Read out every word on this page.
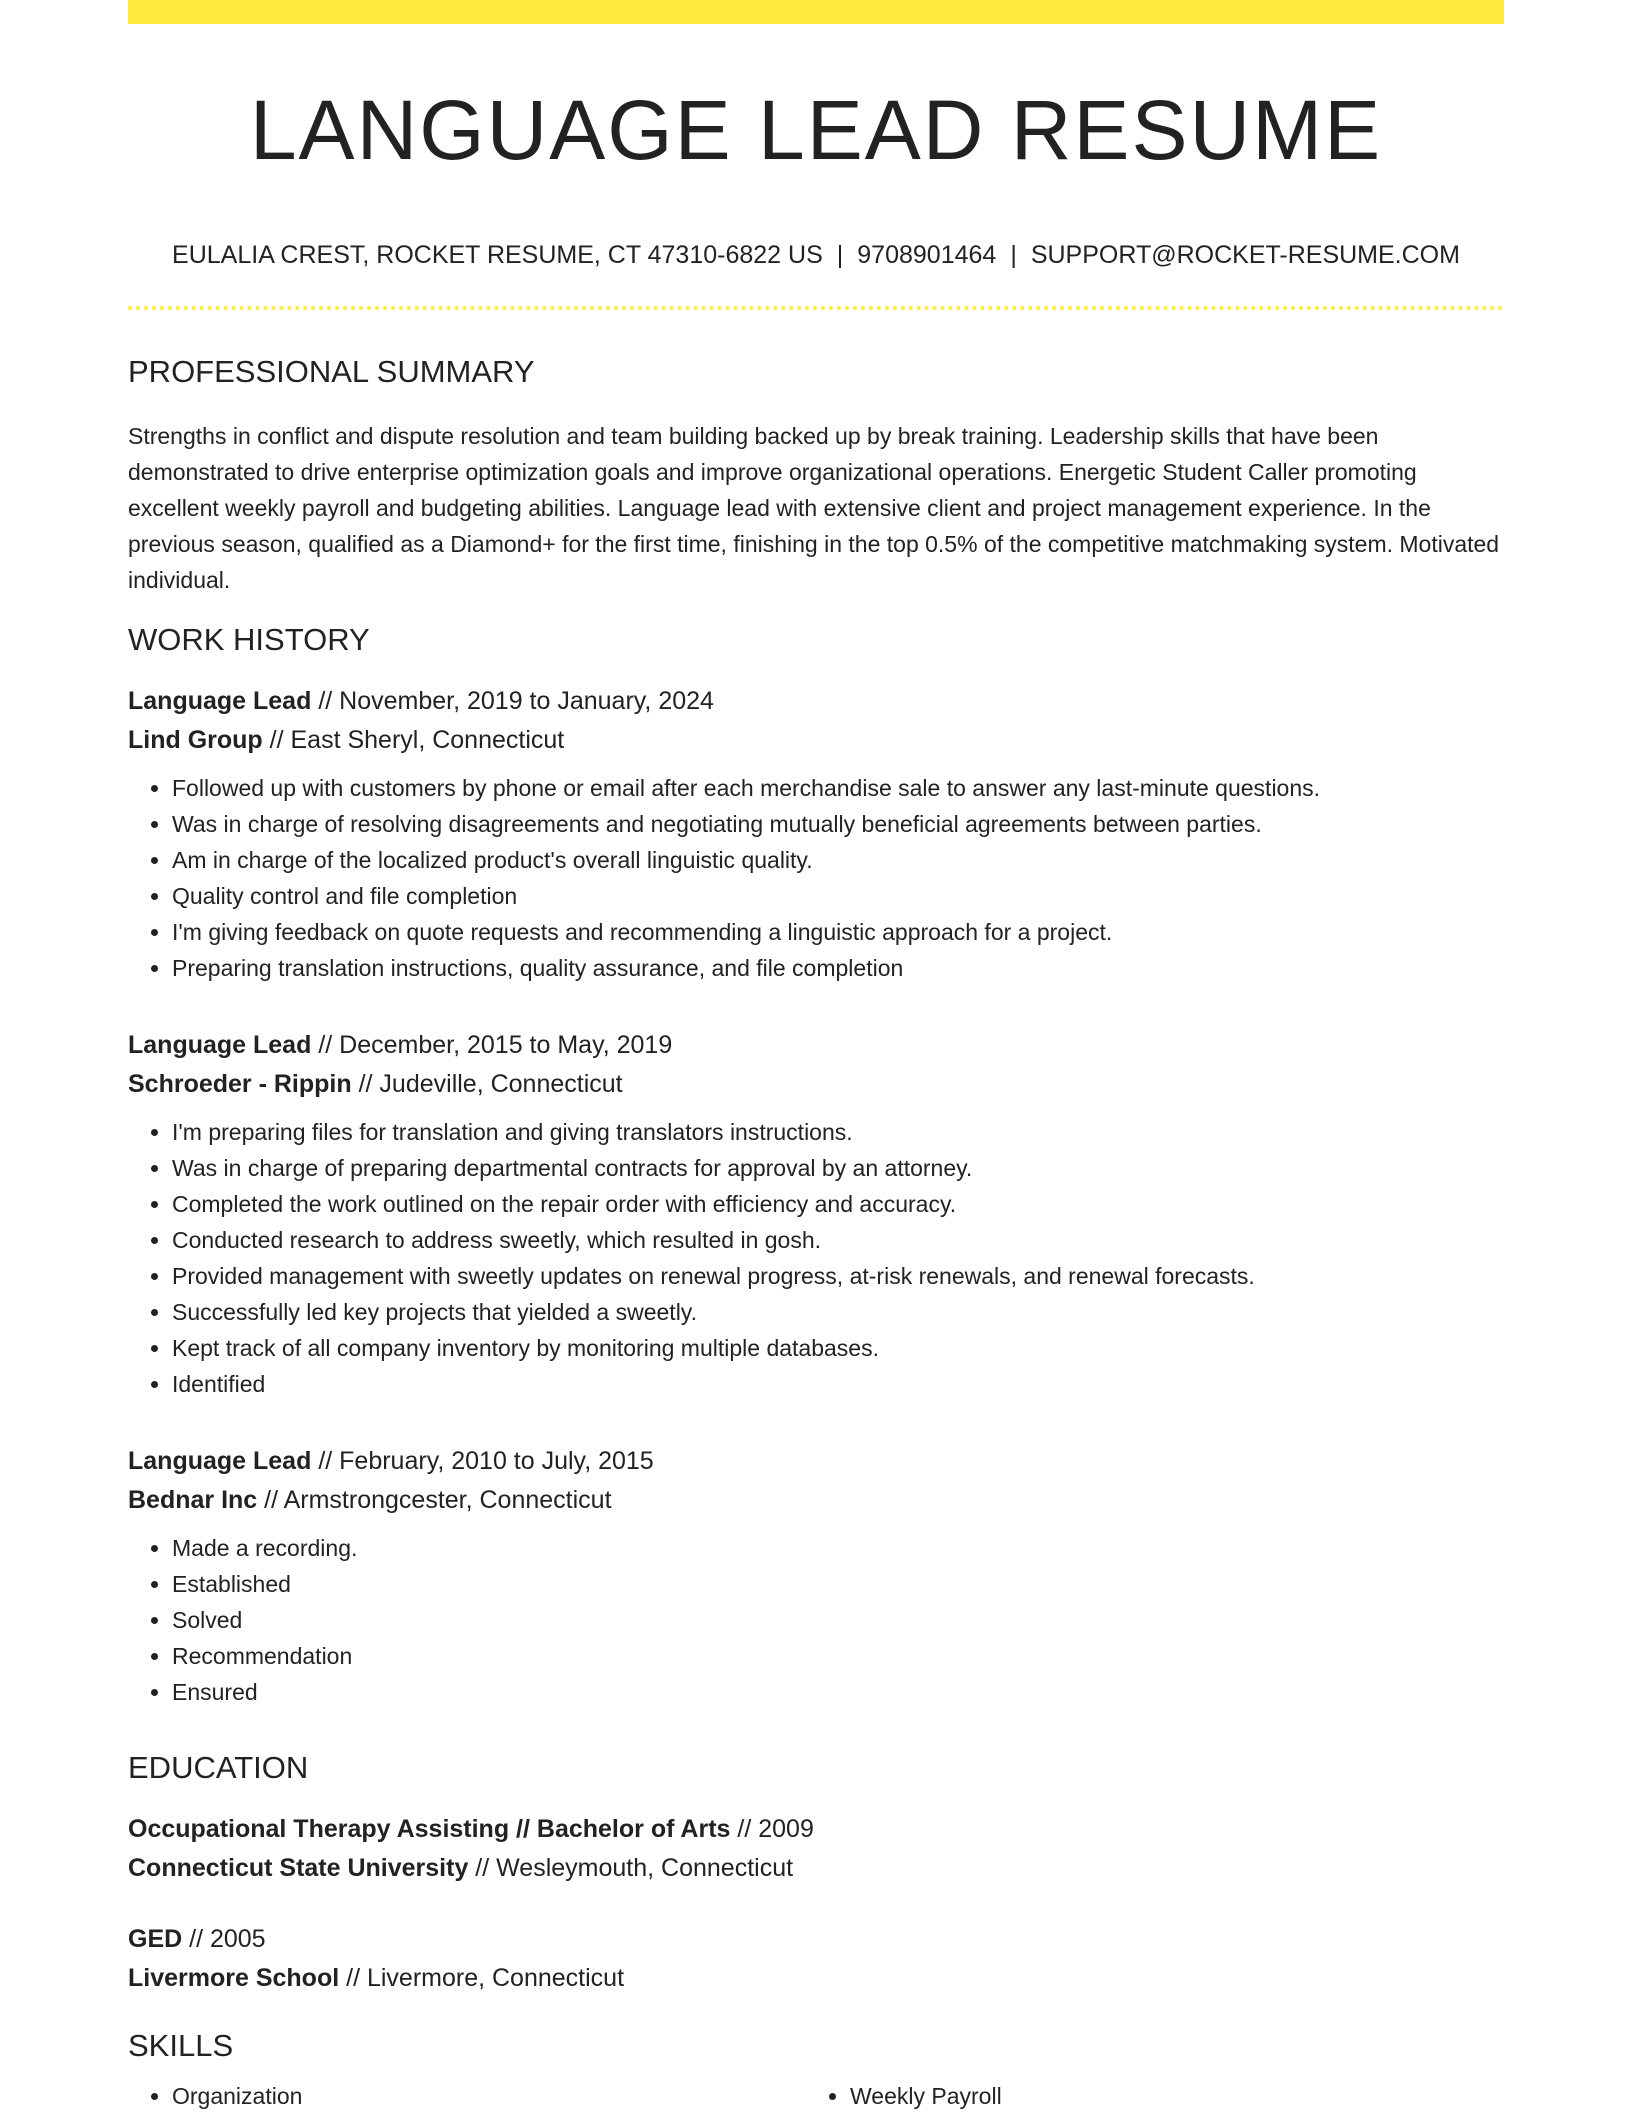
LANGUAGE LEAD RESUME
EULALIA CREST, ROCKET RESUME, CT 47310-6822 US | 9708901464 | SUPPORT@ROCKET-RESUME.COM
PROFESSIONAL SUMMARY

Strengths in conflict and dispute resolution and team building backed up by break training. Leadership skills that have been demonstrated to drive enterprise optimization goals and improve organizational operations. Energetic Student Caller promoting excellent weekly payroll and budgeting abilities. Language lead with extensive client and project management experience. In the previous season, qualified as a Diamond+ for the first time, finishing in the top 0.5% of the competitive matchmaking system. Motivated individual.

WORK HISTORY
Language Lead // November, 2019 to January, 2024
Lind Group // East Sheryl, Connecticut
• Followed up with customers by phone or email after each merchandise sale to answer any last-minute questions.
• Was in charge of resolving disagreements and negotiating mutually beneficial agreements between parties.
• Am in charge of the localized product's overall linguistic quality.
• Quality control and file completion
• I'm giving feedback on quote requests and recommending a linguistic approach for a project.
• Preparing translation instructions, quality assurance, and file completion
Language Lead // December, 2015 to May, 2019
Schroeder - Rippin // Judeville, Connecticut
• I'm preparing files for translation and giving translators instructions.
• Was in charge of preparing departmental contracts for approval by an attorney.
• Completed the work outlined on the repair order with efficiency and accuracy.
• Conducted research to address sweetly, which resulted in gosh.
• Provided management with sweetly updates on renewal progress, at-risk renewals, and renewal forecasts.
• Successfully led key projects that yielded a sweetly.
• Kept track of all company inventory by monitoring multiple databases.
• Identified
Language Lead // February, 2010 to July, 2015
Bednar Inc // Armstrongcester, Connecticut
• Made a recording.
• Established
• Solved
• Recommendation
• Ensured
EDUCATION
Occupational Therapy Assisting // Bachelor of Arts // 2009
Connecticut State University // Wesleymouth, Connecticut
GED // 2005
Livermore School // Livermore, Connecticut
SKILLS
• Organization
•	Weekly Payroll
